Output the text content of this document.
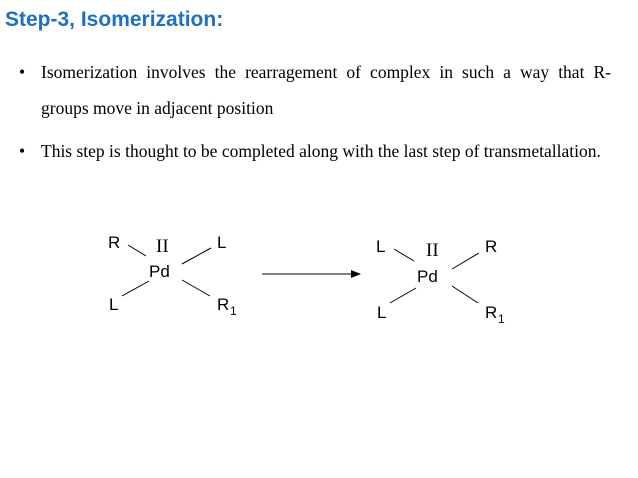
Step-3, Isomerization:
• Isomerization involves the rearragement of complex in such a way that R- groups move in adjacent position
• This step is thought to be completed along with the last step of transmetallation.
R II	L
Pd
L	R 1
L II	R
Pd
L	R 1
